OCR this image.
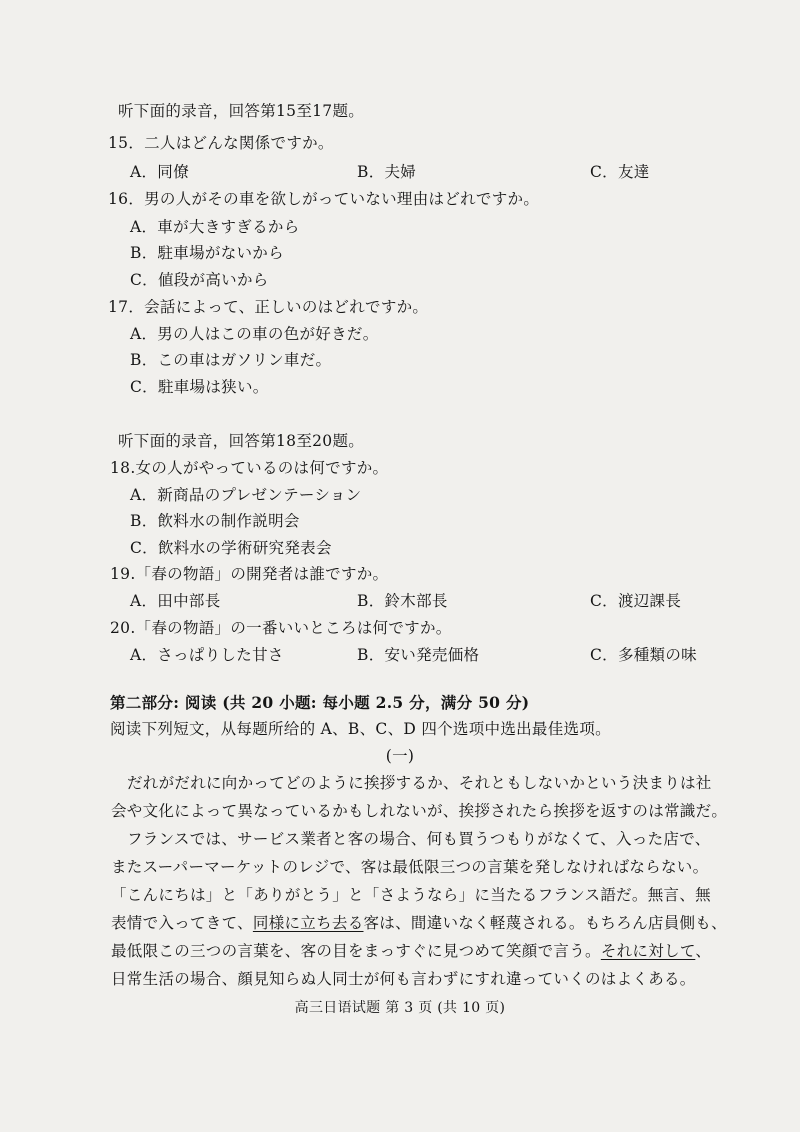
听下面的录音，回答第15至17题。
15．二人はどんな関係ですか。
A．同僚	B．夫婦	C．友達
16．男の人がその車を欲しがっていない理由はどれですか。
A．車が大きすぎるから
B．駐車場がないから
C．値段が高いから
17．会話によって、正しいのはどれですか。
A．男の人はこの車の色が好きだ。
B．この車はガソリン車だ。
C．駐車場は狭い。
听下面的录音，回答第18至20题。
18.女の人がやっているのは何ですか。
A．新商品のプレゼンテーション
B．飲料水の制作説明会
C．飲料水の学術研究発表会
19.「春の物語」の開発者は誰ですか。
A．田中部長	B．鈴木部長	C．渡辺課長
20.「春の物語」の一番いいところは何ですか。
A．さっぱりした甘さ	B．安い発売価格	C．多種類の味
第二部分: 阅读 (共 20 小题: 每小题 2.5 分，满分 50 分)
阅读下列短文，从每题所给的 A、B、C、D 四个选项中选出最佳选项。
(一)
だれがだれに向かってどのように挨拶するか、それともしないかという決まりは社
会や文化によって異なっているかもしれないが、挨拶されたら挨拶を返すのは常識だ。
フランスでは、サービス業者と客の場合、何も買うつもりがなくて、入った店で、
またスーパーマーケットのレジで、客は最低限三つの言葉を発しなければならない。
「こんにちは」と「ありがとう」と「さようなら」に当たるフランス語だ。無言、無
表情で入ってきて、同様に立ち去る客は、間違いなく軽蔑される。もちろん店員側も、
最低限この三つの言葉を、客の目をまっすぐに見つめて笑顔で言う。それに対して、
日常生活の場合、顔見知らぬ人同士が何も言わずにすれ違っていくのはよくある。
高三日语试题 第 3 页 (共 10 页)
